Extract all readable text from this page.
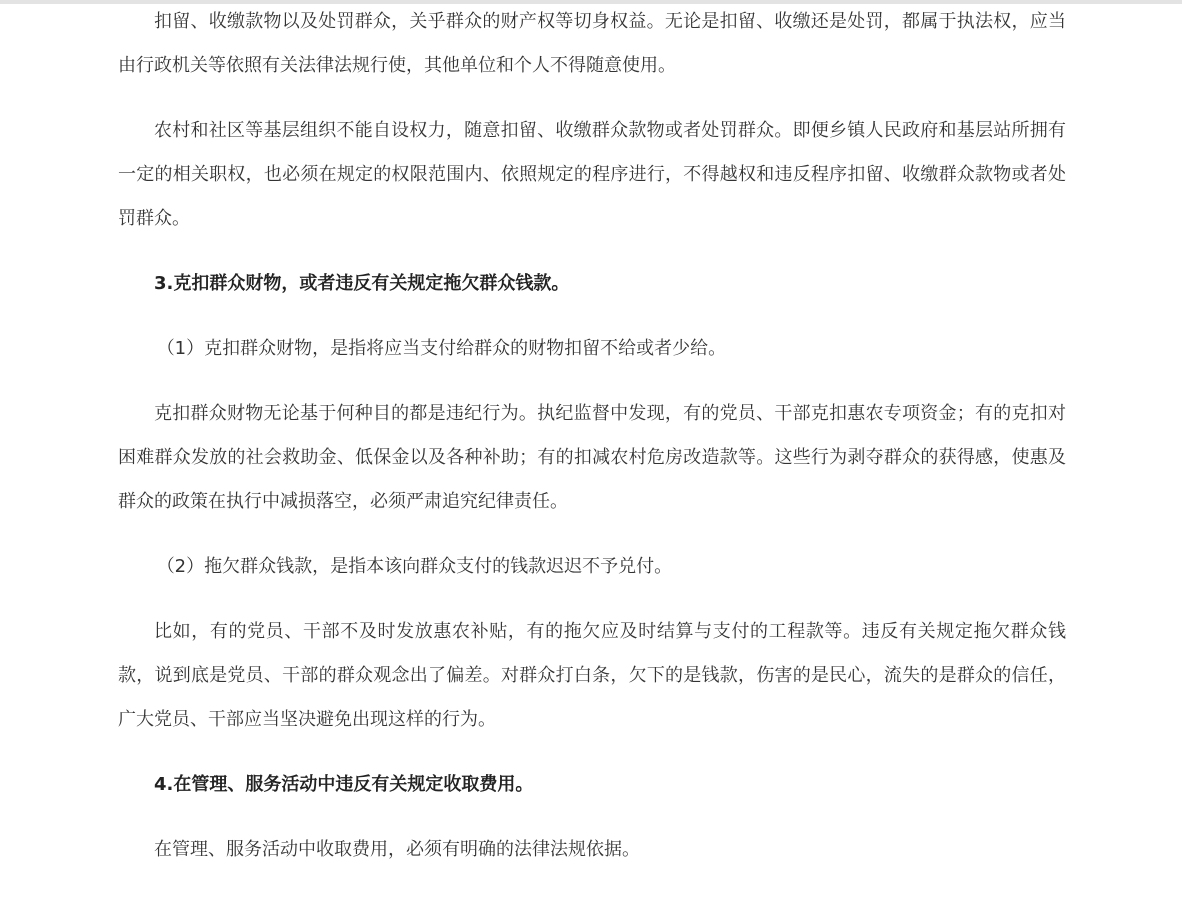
扣留、收缴款物以及处罚群众，关乎群众的财产权等切身权益。无论是扣留、收缴还是处罚，都属于执法权，应当由行政机关等依照有关法律法规行使，其他单位和个人不得随意使用。

农村和社区等基层组织不能自设权力，随意扣留、收缴群众款物或者处罚群众。即便乡镇人民政府和基层站所拥有一定的相关职权，也必须在规定的权限范围内、依照规定的程序进行，不得越权和违反程序扣留、收缴群众款物或者处罚群众。

3.克扣群众财物，或者违反有关规定拖欠群众钱款。

（1）克扣群众财物，是指将应当支付给群众的财物扣留不给或者少给。

克扣群众财物无论基于何种目的都是违纪行为。执纪监督中发现，有的党员、干部克扣惠农专项资金；有的克扣对困难群众发放的社会救助金、低保金以及各种补助；有的扣减农村危房改造款等。这些行为剥夺群众的获得感，使惠及群众的政策在执行中减损落空，必须严肃追究纪律责任。

（2）拖欠群众钱款，是指本该向群众支付的钱款迟迟不予兑付。

比如，有的党员、干部不及时发放惠农补贴，有的拖欠应及时结算与支付的工程款等。违反有关规定拖欠群众钱款，说到底是党员、干部的群众观念出了偏差。对群众打白条，欠下的是钱款，伤害的是民心，流失的是群众的信任，广大党员、干部应当坚决避免出现这样的行为。

4.在管理、服务活动中违反有关规定收取费用。

在管理、服务活动中收取费用，必须有明确的法律法规依据。
